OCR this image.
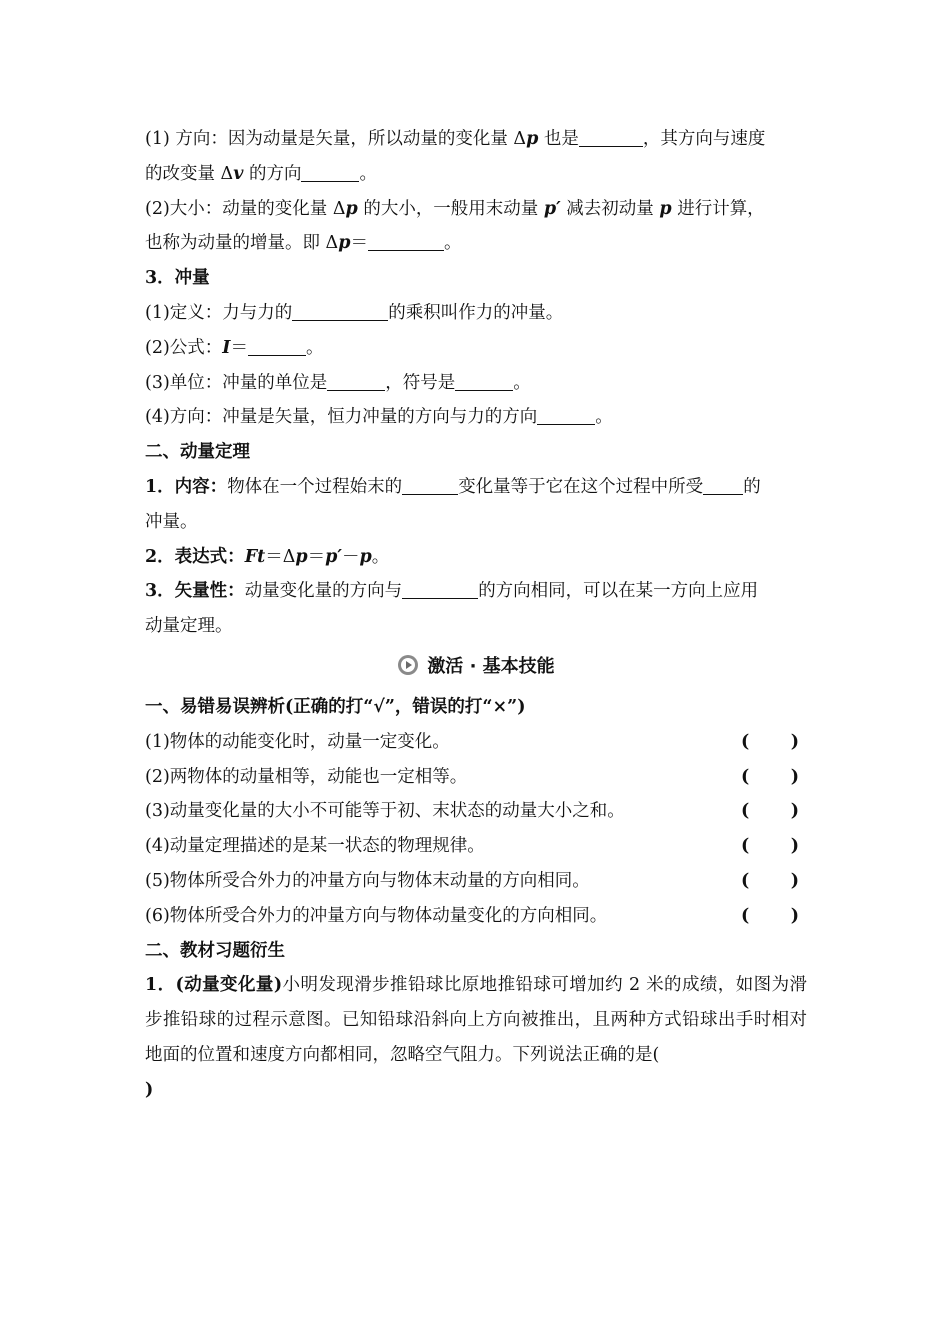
(1) 方向：因为动量是矢量，所以动量的变化量 Δp 也是	，其方向与速度
的改变量 Δv 的方向	。
(2)大小：动量的变化量 Δp 的大小，一般用末动量 p′ 减去初动量 p 进行计算，
也称为动量的增量。即 Δp＝	。
3．冲量
(1)定义：力与力的	的乘积叫作力的冲量。
(2)公式：I＝	。
(3)单位：冲量的单位是	，符号是	。
(4)方向：冲量是矢量，恒力冲量的方向与力的方向	。
二、动量定理
1．内容：物体在一个过程始末的	变化量等于它在这个过程中所受 的
冲量。
2．表达式：Ft＝Δp＝p′－p。
3．矢量性：动量变化量的方向与	的方向相同，可以在某一方向上应用
动量定理。
激活 · 基本技能
一、易错易误辨析(正确的打“√”，错误的打“×”)
(1)物体的动能变化时，动量一定变化。	( )
(2)两物体的动量相等，动能也一定相等。	( )
(3)动量变化量的大小不可能等于初、末状态的动量大小之和。	( )
(4)动量定理描述的是某一状态的物理规律。	( )
(5)物体所受合外力的冲量方向与物体末动量的方向相同。	( )
(6)物体所受合外力的冲量方向与物体动量变化的方向相同。	( )
二、教材习题衍生
1．(动量变化量)小明发现滑步推铅球比原地推铅球可增加约 2 米的成绩，如图为滑步推铅球的过程示意图。已知铅球沿斜向上方向被推出，且两种方式铅球出手时相对地面的位置和速度方向都相同，忽略空气阻力。下列说法正确的是(
)
